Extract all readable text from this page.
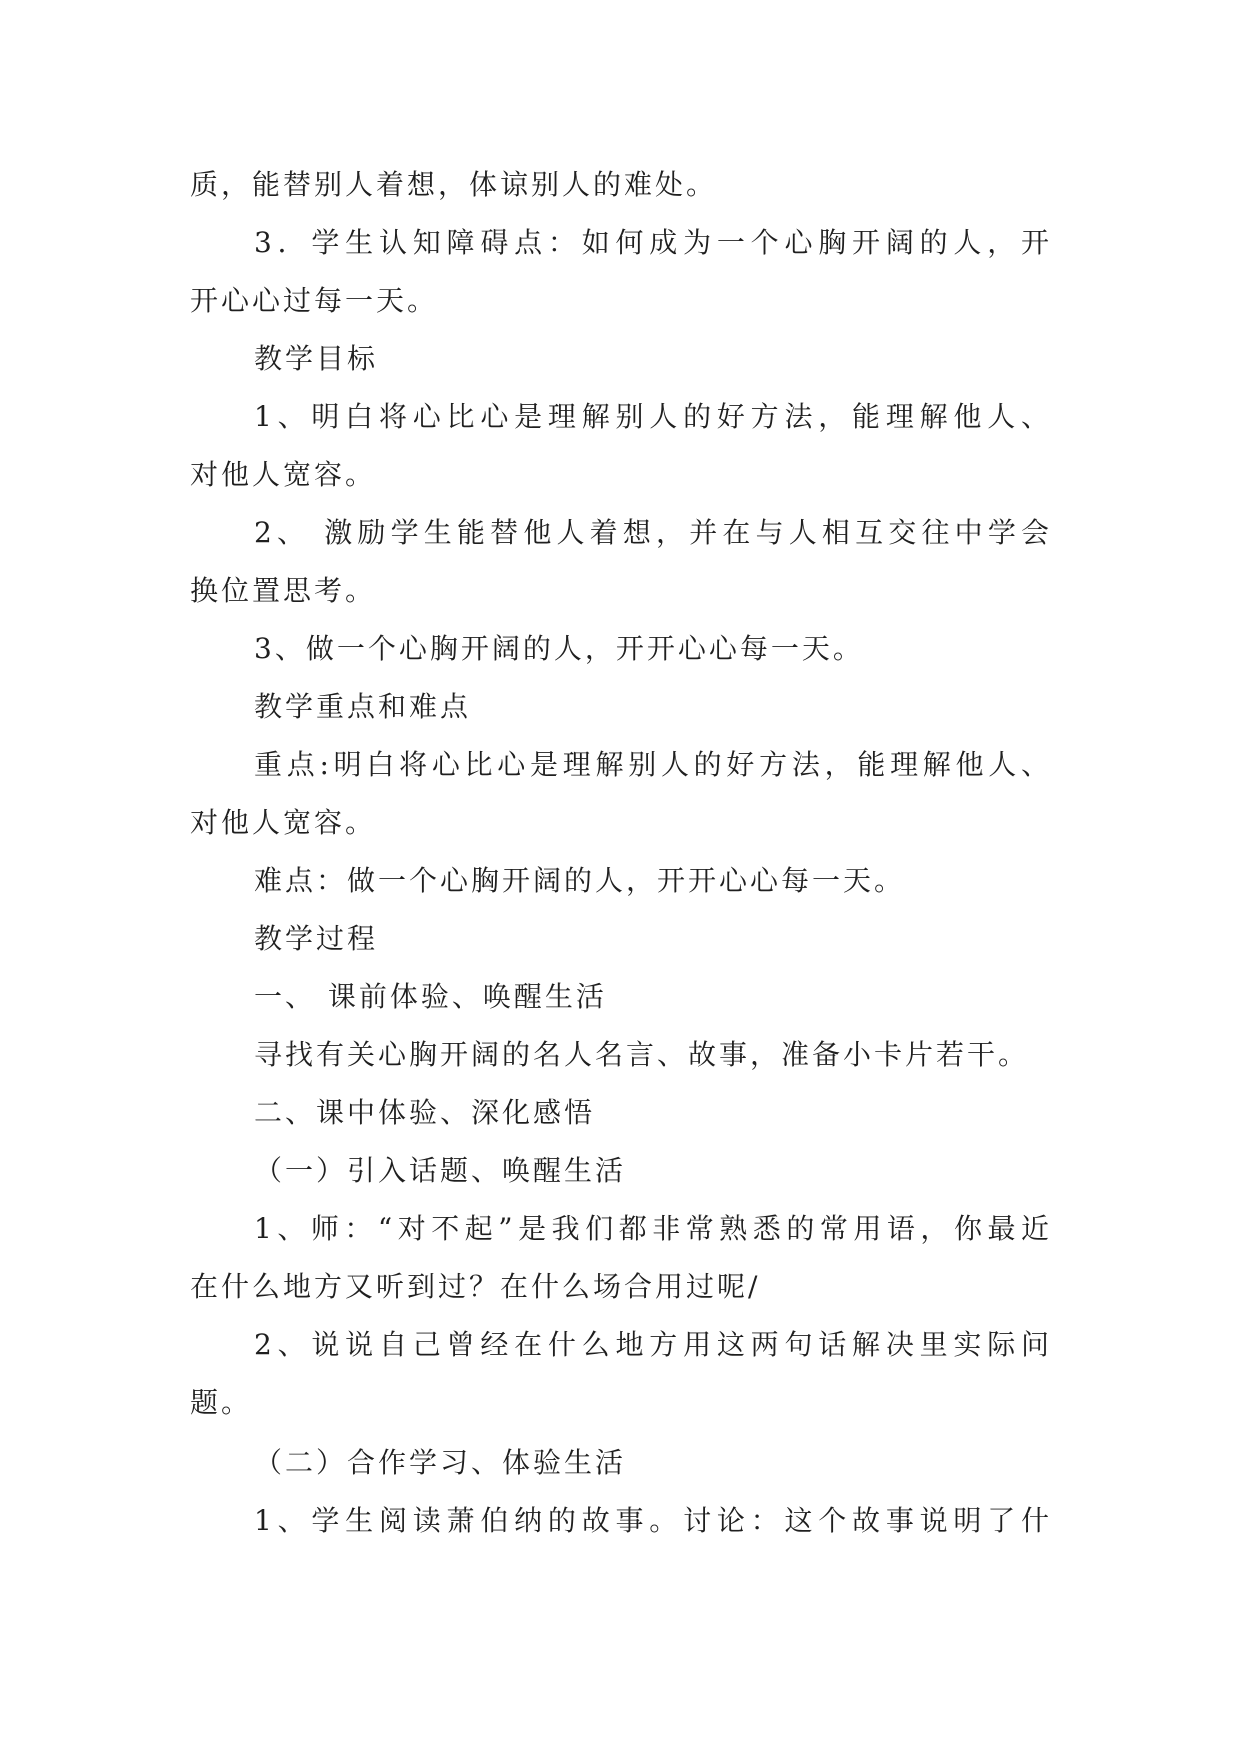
质，能替别人着想，体谅别人的难处。
3．学生认知障碍点：如何成为一个心胸开阔的人，开
开心心过每一天。
教学目标
1、明白将心比心是理解别人的好方法，能理解他人、
对他人宽容。
2、 激励学生能替他人着想，并在与人相互交往中学会
换位置思考。
3、做一个心胸开阔的人，开开心心每一天。
教学重点和难点
重点:明白将心比心是理解别人的好方法，能理解他人、
对他人宽容。
难点：做一个心胸开阔的人，开开心心每一天。
教学过程
一、 课前体验、唤醒生活
寻找有关心胸开阔的名人名言、故事，准备小卡片若干。
二、课中体验、深化感悟
（一）引入话题、唤醒生活
1、师：“对不起”是我们都非常熟悉的常用语，你最近
在什么地方又听到过？在什么场合用过呢/
2、说说自己曾经在什么地方用这两句话解决里实际问
题。
（二）合作学习、体验生活
1、学生阅读萧伯纳的故事。讨论：这个故事说明了什
